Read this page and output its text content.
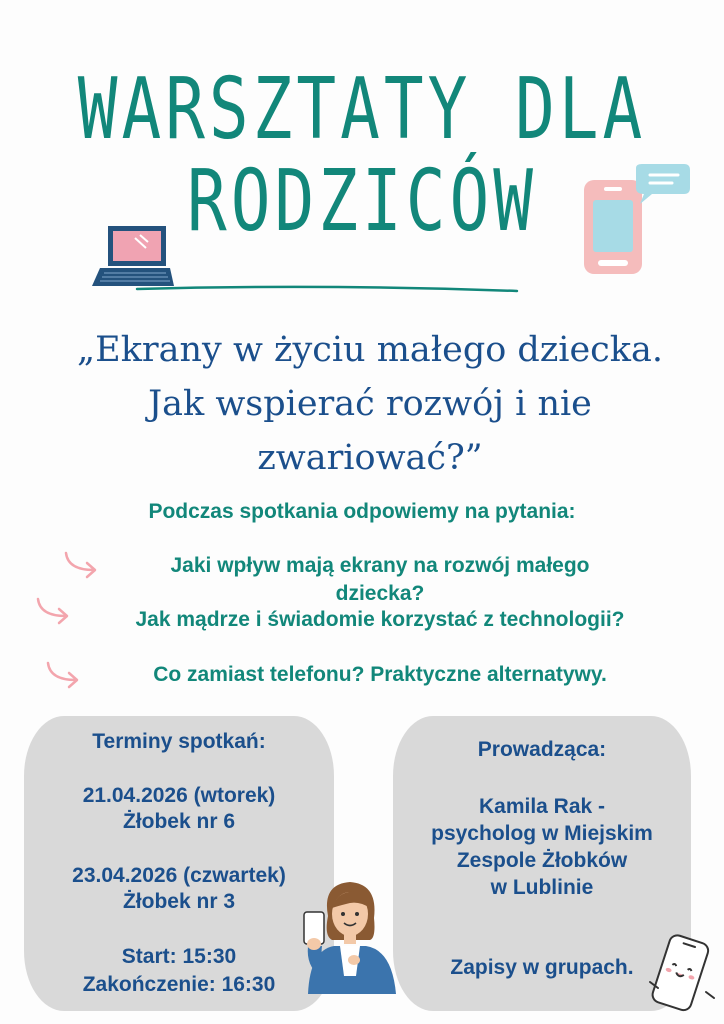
WARSZTATY DLA
RODZICÓW
„Ekrany w życiu małego dziecka.
Jak wspierać rozwój i nie
zwariować?”
Podczas spotkania odpowiemy na pytania:
Jaki wpływ mają ekrany na rozwój małego
dziecka?
Jak mądrze i świadomie korzystać z technologii?
Co zamiast telefonu? Praktyczne alternatywy.
Terminy spotkań:
21.04.2026 (wtorek)
Żłobek nr 6
23.04.2026 (czwartek)
Żłobek nr 3
Start: 15:30
Zakończenie: 16:30
Prowadząca:
Kamila Rak -
psycholog w Miejskim
Zespole Żłobków
w Lublinie
Zapisy w grupach.
